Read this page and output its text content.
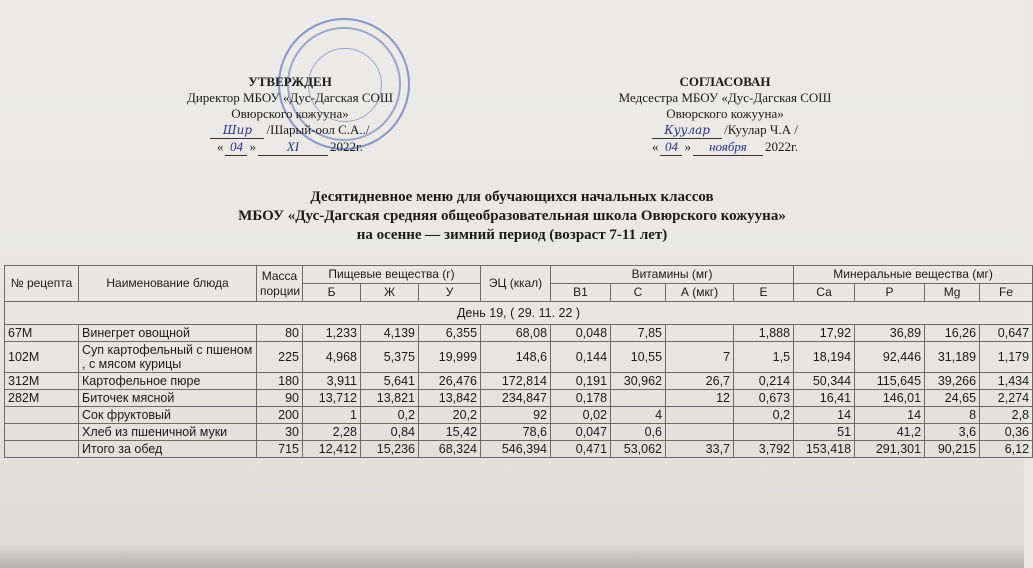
УТВЕРЖДЕН
Директор МБОУ «Дус-Дагская СОШ
Овюрского кожууна»
Шир	/Шарый-оол С.А../
« 04 »	XI	2022г.
СОГЛАСОВАН
Медсестра МБОУ «Дус-Дагская СОШ
Овюрского кожууна»
Куулар	/Куулар Ч.А /
« 04 »	ноября	2022г.
Десятидневное меню для обучающихся начальных классов
МБОУ «Дус-Дагская средняя общеобразовательная школа Овюрского кожууна»
на осенне — зимний период (возраст 7-11 лет)
№ рецепта	Наименование блюда	Масса порции	Пищевые вещества (г)			ЭЦ (ккал)	Витамины (мг)				Минеральные вещества (мг)			
			Б	Ж	У		В1	С	А (мкг)	Е	Са	Р	Mg	Fe
День 19, ( 29. 11. 22 )														
67М	Винегрет овощной	80	1,233	4,139	6,355	68,08	0,048	7,85		1,888	17,92	36,89	16,26	0,647
102М	Суп картофельный с пшеном , с мясом курицы	225	4,968	5,375	19,999	148,6	0,144	10,55	7	1,5	18,194	92,446	31,189	1,179
312М	Картофельное пюре	180	3,911	5,641	26,476	172,814	0,191	30,962	26,7	0,214	50,344	115,645	39,266	1,434
282М	Биточек мясной	90	13,712	13,821	13,842	234,847	0,178		12	0,673	16,41	146,01	24,65	2,274
	Сок фруктовый	200	1	0,2	20,2	92	0,02	4		0,2	14	14	8	2,8
	Хлеб из пшеничной муки	30	2,28	0,84	15,42	78,6	0,047	0,6			51	41,2	3,6	0,36
	Итого за обед	715	12,412	15,236	68,324	546,394	0,471	53,062	33,7	3,792	153,418	291,301	90,215	6,12
